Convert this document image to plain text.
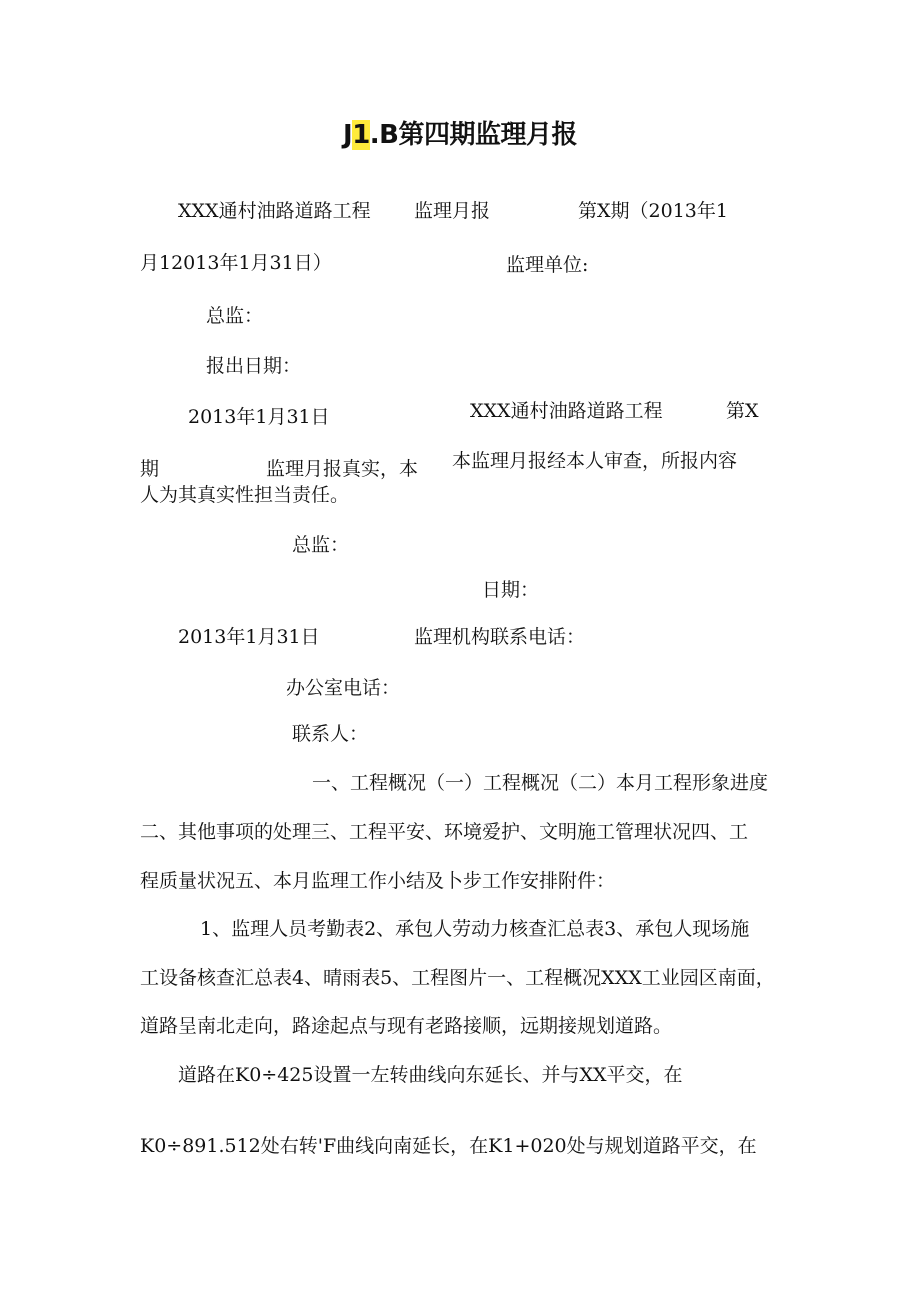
J1.B第四期监理月报
XXX通村油路道路工程 监理月报	第X期（2013年1
月12013年1月31日）	监理单位:
总监：
报出日期：
2013年1月31日	XXX通村油路道路工程	第X
期	监理月报真实，本 本监理月报经本人审查，所报内容
人为其真实性担当责任。
总监：
日期：
2013年1月31日	监理机构联系电话：
办公室电话：
联系人：
一、工程概况（一）工程概况（二）本月工程形象进度
二、其他事项的处理三、工程平安、环境爱护、文明施工管理状况四、工
程质量状况五、本月监理工作小结及卜步工作安排附件：
1、监理人员考勤表2、承包人劳动力核查汇总表3、承包人现场施
工设备核查汇总表4、晴雨表5、工程图片一、工程概况XXX工业园区南面，
道路呈南北走向，路途起点与现有老路接顺，远期接规划道路。
道路在K0÷425设置一左转曲线向东延长、并与XX平交，在
K0÷891.512处右转'F曲线向南延长，在K1+020处与规划道路平交，在
